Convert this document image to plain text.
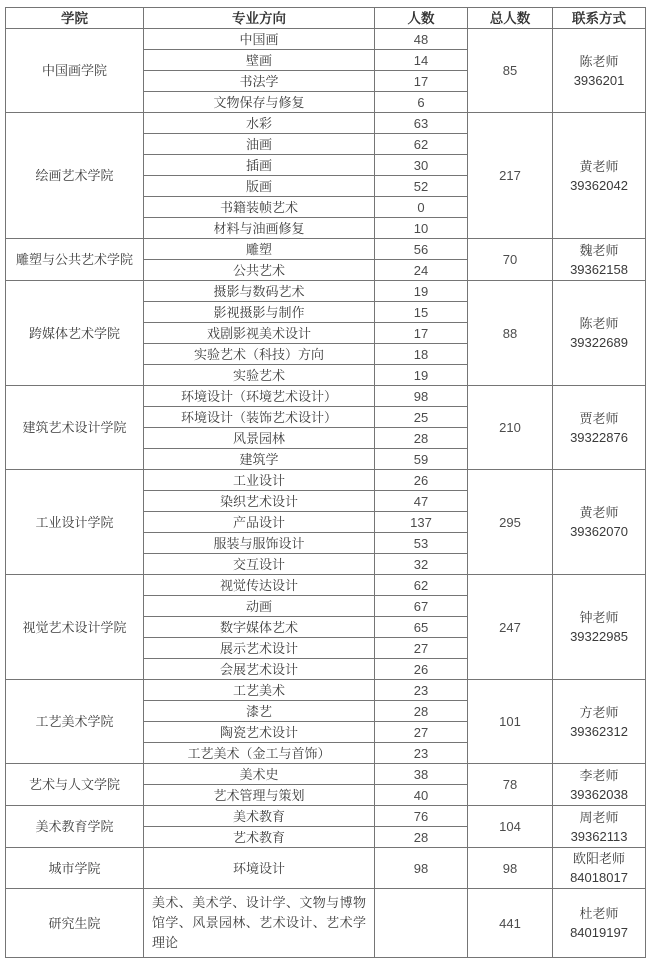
学院	专业方向	人数	总人数	联系方式
中国画学院	中国画	48	85	陈老师
3936201

	壁画	14		
	书法学	17		
	文物保存与修复	6		
绘画艺术学院	水彩	63	217	黄老师
39362042

	油画	62		
	插画	30		
	版画	52		
	书籍装帧艺术	0		
	材料与油画修复	10		
雕塑与公共艺术学院	雕塑	56	70	魏老师
39362158

	公共艺术	24		
跨媒体艺术学院	摄影与数码艺术	19	88	陈老师
39322689

	影视摄影与制作	15		
	戏剧影视美术设计	17		
	实验艺术（科技）方向	18		
	实验艺术	19		
建筑艺术设计学院	环境设计（环境艺术设计）	98	210	贾老师
39322876

	环境设计（装饰艺术设计）	25		
	风景园林	28		
	建筑学	59		
工业设计学院	工业设计	26	295	黄老师
39362070

	染织艺术设计	47		
	产品设计	137		
	服装与服饰设计	53		
	交互设计	32		
视觉艺术设计学院	视觉传达设计	62	247	钟老师
39322985

	动画	67		
	数字媒体艺术	65		
	展示艺术设计	27		
	会展艺术设计	26		
工艺美术学院	工艺美术	23	101	方老师
39362312

	漆艺	28		
	陶瓷艺术设计	27		
	工艺美术（金工与首饰）	23		
艺术与人文学院	美术史	38	78	李老师
39362038

	艺术管理与策划	40		
美术教育学院	美术教育	76	104	周老师
39362113

	艺术教育	28		
城市学院	环境设计	98	98	欧阳老师
84018017

研究生院	美术、美术学、设计学、文物与博物馆学、风景园林、艺术设计、艺术学理论		441	杜老师
84019197
